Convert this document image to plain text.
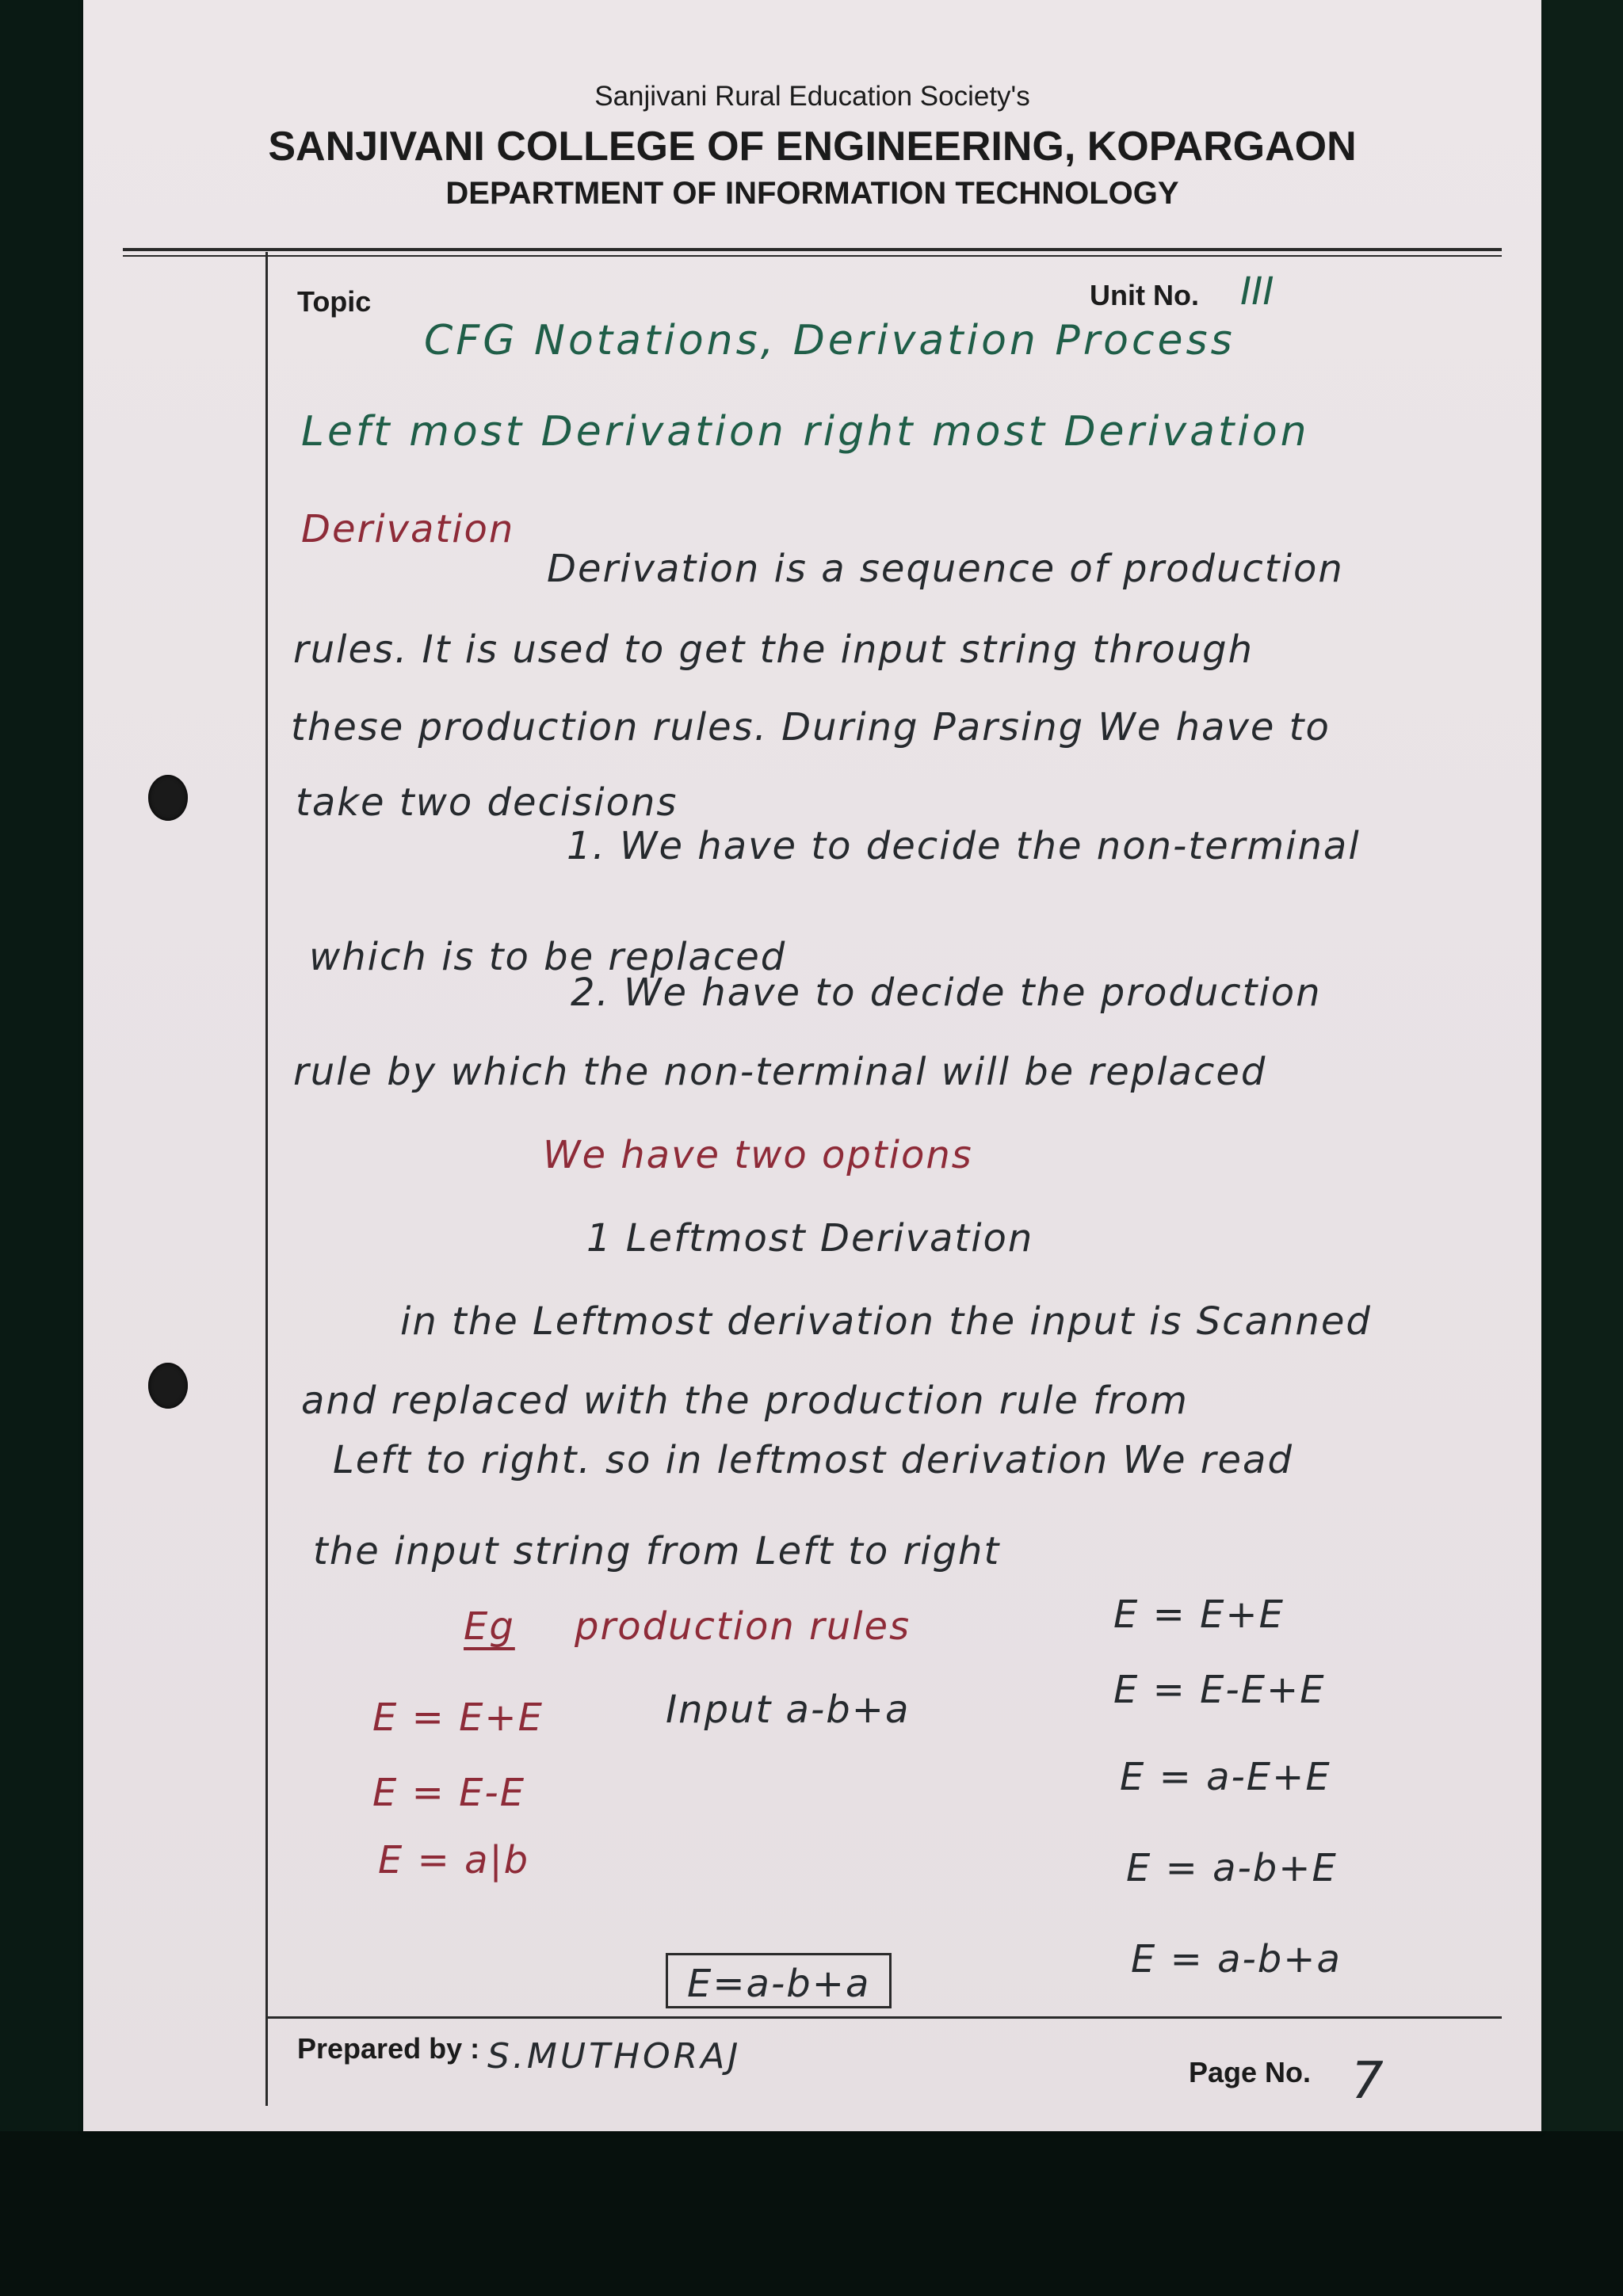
Sanjivani Rural Education Society's
SANJIVANI COLLEGE OF ENGINEERING, KOPARGAON
DEPARTMENT OF INFORMATION TECHNOLOGY
Topic	Unit No. III
CFG Notations, Derivation Process
Left most Derivation right most Derivation
Derivation
Derivation is a sequence of production
rules. It is used to get the input string through
these production rules. During Parsing We have to
take two decisions
1. We have to decide the non-terminal
which is to be replaced
2. We have to decide the production
rule by which the non-terminal will be replaced
We have two options
1 Leftmost Derivation
in the Leftmost derivation the input is Scanned
and replaced with the production rule from
Left to right. so in leftmost derivation We read
the input string from Left to right
Eg production rules
E = E+E
E = E-E
E = a|b
Input a-b+a
E = E+E
E = E-E+E
E = a-E+E
E = a-b+E
E = a-b+a
E=a-b+a
Prepared by : S.MUTHORAJ	Page No. 7
